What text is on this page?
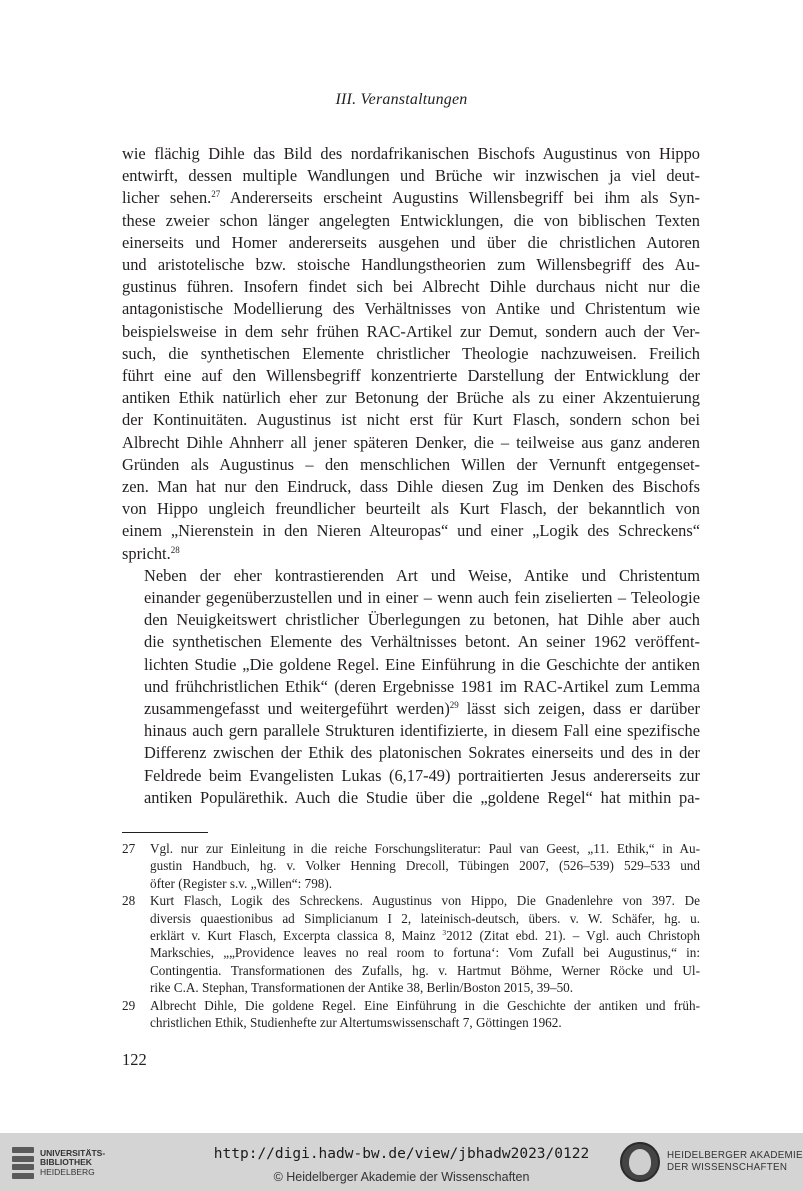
III. Veranstaltungen

wie flächig Dihle das Bild des nordafrikanischen Bischofs Augustinus von Hippo
entwirft, dessen multiple Wandlungen und Brüche wir inzwischen ja viel deut-
licher sehen.$^{27}$ Andererseits erscheint Augustins Willensbegriff bei ihm als Syn-
these zweier schon länger angelegten Entwicklungen, die von biblischen Texten
einerseits und Homer andererseits ausgehen und über die christlichen Autoren
und aristotelische bzw. stoische Handlungstheorien zum Willensbegriff des Au-
gustinus führen. Insofern findet sich bei Albrecht Dihle durchaus nicht nur die
antagonistische Modellierung des Verhältnisses von Antike und Christentum wie
beispielsweise in dem sehr frühen RAC-Artikel zur Demut, sondern auch der Ver-
such, die synthetischen Elemente christlicher Theologie nachzuweisen. Freilich
führt eine auf den Willensbegriff konzentrierte Darstellung der Entwicklung der
antiken Ethik natürlich eher zur Betonung der Brüche als zu einer Akzentuierung
der Kontinuitäten. Augustinus ist nicht erst für Kurt Flasch, sondern schon bei
Albrecht Dihle Ahnherr all jener späteren Denker, die – teilweise aus ganz anderen
Gründen als Augustinus – den menschlichen Willen der Vernunft entgegenset-
zen. Man hat nur den Eindruck, dass Dihle diesen Zug im Denken des Bischofs
von Hippo ungleich freundlicher beurteilt als Kurt Flasch, der bekanntlich von
einem „Nierenstein in den Nieren Alteuropas“ und einer „Logik des Schreckens“
spricht.$^{28}$

Neben der eher kontrastierenden Art und Weise, Antike und Christentum
einander gegenüberzustellen und in einer – wenn auch fein ziselierten – Teleologie
den Neuigkeitswert christlicher Überlegungen zu betonen, hat Dihle aber auch
die synthetischen Elemente des Verhältnisses betont. An seiner 1962 veröffent-
lichten Studie „Die goldene Regel. Eine Einführung in die Geschichte der antiken
und frühchristlichen Ethik“ (deren Ergebnisse 1981 im RAC-Artikel zum Lemma
zusammengefasst und weitergeführt werden)$^{29}$ lässt sich zeigen, dass er darüber
hinaus auch gern parallele Strukturen identifizierte, in diesem Fall eine spezifische
Differenz zwischen der Ethik des platonischen Sokrates einerseits und des in der
Feldrede beim Evangelisten Lukas (6,17-49) portraitierten Jesus andererseits zur
antiken Populärethik. Auch die Studie über die „goldene Regel“ hat mithin pa-

27	Vgl. nur zur Einleitung in die reiche Forschungsliteratur: Paul van Geest, „11. Ethik,“ in Au-
gustin Handbuch, hg. v. Volker Henning Drecoll, Tübingen 2007, (526–539) 529–533 und
öfter (Register s.v. „Willen“: 798).
28	Kurt Flasch, Logik des Schreckens. Augustinus von Hippo, Die Gnadenlehre von 397. De
diversis quaestionibus ad Simplicianum I 2, lateinisch-deutsch, übers. v. W. Schäfer, hg. u.
erklärt v. Kurt Flasch, Excerpta classica 8, Mainz $^3$2012 (Zitat ebd. 21). – Vgl. auch Christoph
Markschies, „„Providence leaves no real room to fortuna‘: Vom Zufall bei Augustinus,“ in:
Contingentia. Transformationen des Zufalls, hg. v. Hartmut Böhme, Werner Röcke und Ul-
rike C.A. Stephan, Transformationen der Antike 38, Berlin/Boston 2015, 39–50.
29	Albrecht Dihle, Die goldene Regel. Eine Einführung in die Geschichte der antiken und früh-
christlichen Ethik, Studienhefte zur Altertumswissenschaft 7, Göttingen 1962.
122
UNIVERSITÄTS-
BIBLIOTHEK
HEIDELBERG
http://digi.hadw-bw.de/view/jbhadw2023/0122
© Heidelberger Akademie der Wissenschaften
HEIDELBERGER AKADEMIE
DER WISSENSCHAFTEN
